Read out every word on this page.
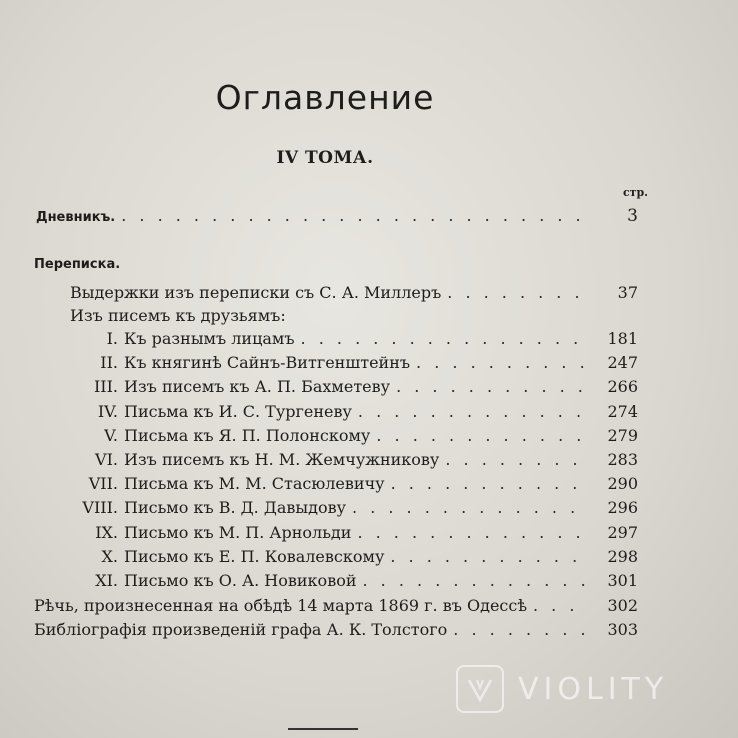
Оглавление
IV ТОМА.
стр.
Дневникъ. . . .	3
Переписка.
Выдержки изъ переписки съ С. А. Миллеръ . . .	37
Изъ писемъ къ друзьямъ:
I. Къ разнымъ лицамъ . . .	181
II. Къ княгинѣ Сайнъ-Витгенштейнъ . . .	247
III. Изъ писемъ къ А. П. Бахметеву . . .	266
IV. Письма къ И. С. Тургеневу . . .	274
V. Письма къ Я. П. Полонскому . . .	279
VI. Изъ писемъ къ Н. М. Жемчужникову . . .	283
VII. Письма къ М. М. Стасюлевичу . . .	290
VIII. Письмо къ В. Д. Давыдову . . .	296
IX. Письмо къ М. П. Арнольди . . .	297
X. Письмо къ Е. П. Ковалевскому . . .	298
XI. Письмо къ О. А. Новиковой . . .	301
Рѣчь, произнесенная на обѣдѣ 14 марта 1869 г. въ Одессѣ . . .	302
Библіографія произведеній графа А. К. Толстого . . .	303
VIOLITY
